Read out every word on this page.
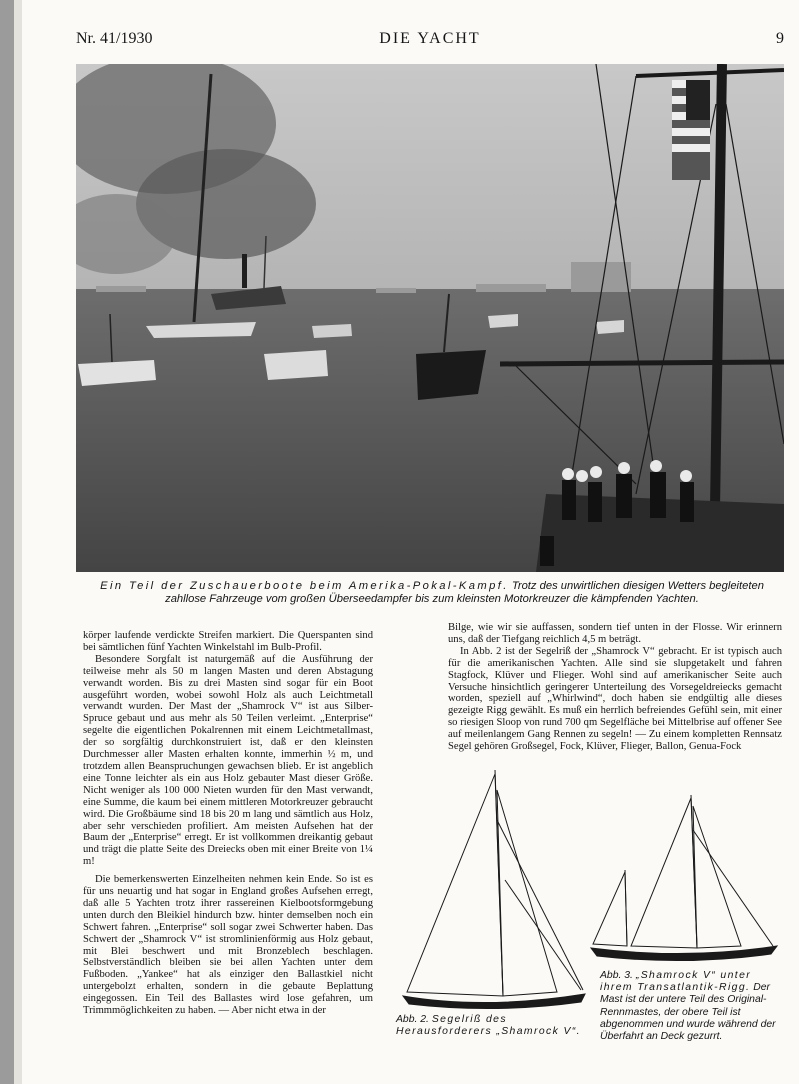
Nr. 41/1930	DIE YACHT	9
Ein Teil der Zuschauerboote beim Amerika-Pokal-Kampf. Trotz des unwirtlichen diesigen Wetters begleiteten zahllose Fahrzeuge vom großen Überseedampfer bis zum kleinsten Motorkreuzer die kämpfenden Yachten.

körper laufende verdickte Streifen markiert. Die Querspanten sind bei sämtlichen fünf Yachten Winkelstahl im Bulb-Profil.

Besondere Sorgfalt ist naturgemäß auf die Ausführung der teilweise mehr als 50 m langen Masten und deren Abstagung verwandt worden. Bis zu drei Masten sind sogar für ein Boot ausgeführt worden, wobei sowohl Holz als auch Leichtmetall verwandt wurden. Der Mast der „Shamrock V“ ist aus Silber-Spruce gebaut und aus mehr als 50 Teilen verleimt. „Enterprise“ segelte die eigentlichen Pokalrennen mit einem Leichtmetallmast, der so sorgfältig durchkonstruiert ist, daß er den kleinsten Durchmesser aller Masten erhalten konnte, immerhin ½ m, und trotzdem allen Beanspruchungen gewachsen blieb. Er ist angeblich eine Tonne leichter als ein aus Holz gebauter Mast dieser Größe. Nicht weniger als 100 000 Nieten wurden für den Mast verwandt, eine Summe, die kaum bei einem mittleren Motorkreuzer gebraucht wird. Die Großbäume sind 18 bis 20 m lang und sämtlich aus Holz, aber sehr verschieden profiliert. Am meisten Aufsehen hat der Baum der „Enterprise“ erregt. Er ist vollkommen dreikantig gebaut und trägt die platte Seite des Dreiecks oben mit einer Breite von 1¼ m!

Die bemerkenswerten Einzelheiten nehmen kein Ende. So ist es für uns neuartig und hat sogar in England großes Aufsehen erregt, daß alle 5 Yachten trotz ihrer rassereinen Kielbootsformgebung unten durch den Bleikiel hindurch bzw. hinter demselben noch ein Schwert fahren. „Enterprise“ soll sogar zwei Schwerter haben. Das Schwert der „Shamrock V“ ist stromlinienförmig aus Holz gebaut, mit Blei beschwert und mit Bronzeblech beschlagen. Selbstverständlich bleiben sie bei allen Yachten unter dem Fußboden. „Yankee“ hat als einziger den Ballastkiel nicht untergebolzt erhalten, sondern in die gebaute Beplattung eingegossen. Ein Teil des Ballastes wird lose gefahren, um Trimmmöglichkeiten zu haben. — Aber nicht etwa in der

Bilge, wie wir sie auffassen, sondern tief unten in der Flosse. Wir erinnern uns, daß der Tiefgang reichlich 4,5 m beträgt.

In Abb. 2 ist der Segelriß der „Shamrock V“ gebracht. Er ist typisch auch für die amerikanischen Yachten. Alle sind sie slupgetakelt und fahren Stagfock, Klüver und Flieger. Wohl sind auf amerikanischer Seite auch Versuche hinsichtlich geringerer Unterteilung des Vorsegeldreiecks gemacht worden, speziell auf „Whirlwind“, doch haben sie endgültig alle dieses gezeigte Rigg gewählt. Es muß ein herrlich befreiendes Gefühl sein, mit einer so riesigen Sloop von rund 700 qm Segelfläche bei Mittelbrise auf offener See auf meilenlangem Gang Rennen zu segeln! — Zu einem kompletten Rennsatz Segel gehören Großsegel, Fock, Klüver, Flieger, Ballon, Genua-Fock

Abb. 2. Segelriß des Herausforderers „Shamrock V“.
Abb. 3. „Shamrock V“ unter ihrem Transatlantik-Rigg. Der Mast ist der untere Teil des Original-Rennmastes, der obere Teil ist abgenommen und wurde während der Überfahrt an Deck gezurrt.
